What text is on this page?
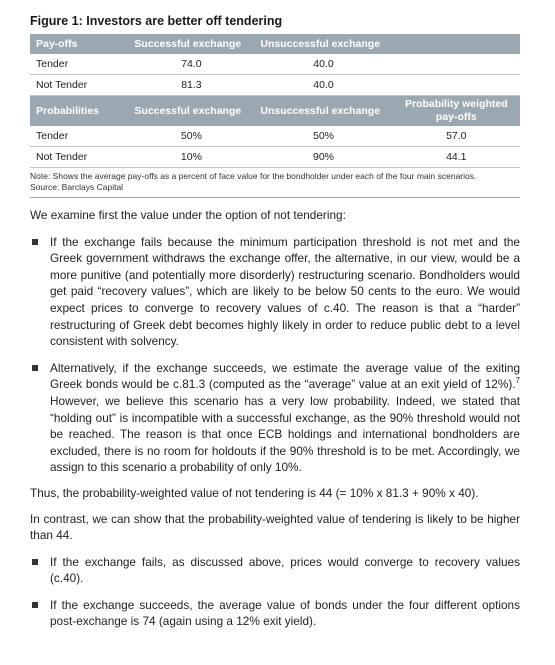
Figure 1: Investors are better off tendering
Pay-offs	Successful exchange	Unsuccessful exchange	
Tender	74.0	40.0	
Not Tender	81.3	40.0	
Probabilities	Successful exchange	Unsuccessful exchange	Probability weighted pay-offs
Tender	50%	50%	57.0
Not Tender	10%	90%	44.1
Note: Shows the average pay-offs as a percent of face value for the bondholder under each of the four main scenarios.
Source: Barclays Capital

We examine first the value under the option of not tendering:

If the exchange fails because the minimum participation threshold is not met and the Greek government withdraws the exchange offer, the alternative, in our view, would be a more punitive (and potentially more disorderly) restructuring scenario. Bondholders would get paid “recovery values”, which are likely to be below 50 cents to the euro. We would expect prices to converge to recovery values of c.40. The reason is that a “harder” restructuring of Greek debt becomes highly likely in order to reduce public debt to a level consistent with solvency.
Alternatively, if the exchange succeeds, we estimate the average value of the exiting Greek bonds would be c.81.3 (computed as the “average” value at an exit yield of 12%).$^7$ However, we believe this scenario has a very low probability. Indeed, we stated that “holding out” is incompatible with a successful exchange, as the 90% threshold would not be reached. The reason is that once ECB holdings and international bondholders are excluded, there is no room for holdouts if the 90% threshold is to be met. Accordingly, we assign to this scenario a probability of only 10%.

Thus, the probability-weighted value of not tendering is 44 (= 10% x 81.3 + 90% x 40).

In contrast, we can show that the probability-weighted value of tendering is likely to be higher than 44.

If the exchange fails, as discussed above, prices would converge to recovery values (c.40).
If the exchange succeeds, the average value of bonds under the four different options post-exchange is 74 (again using a 12% exit yield).
